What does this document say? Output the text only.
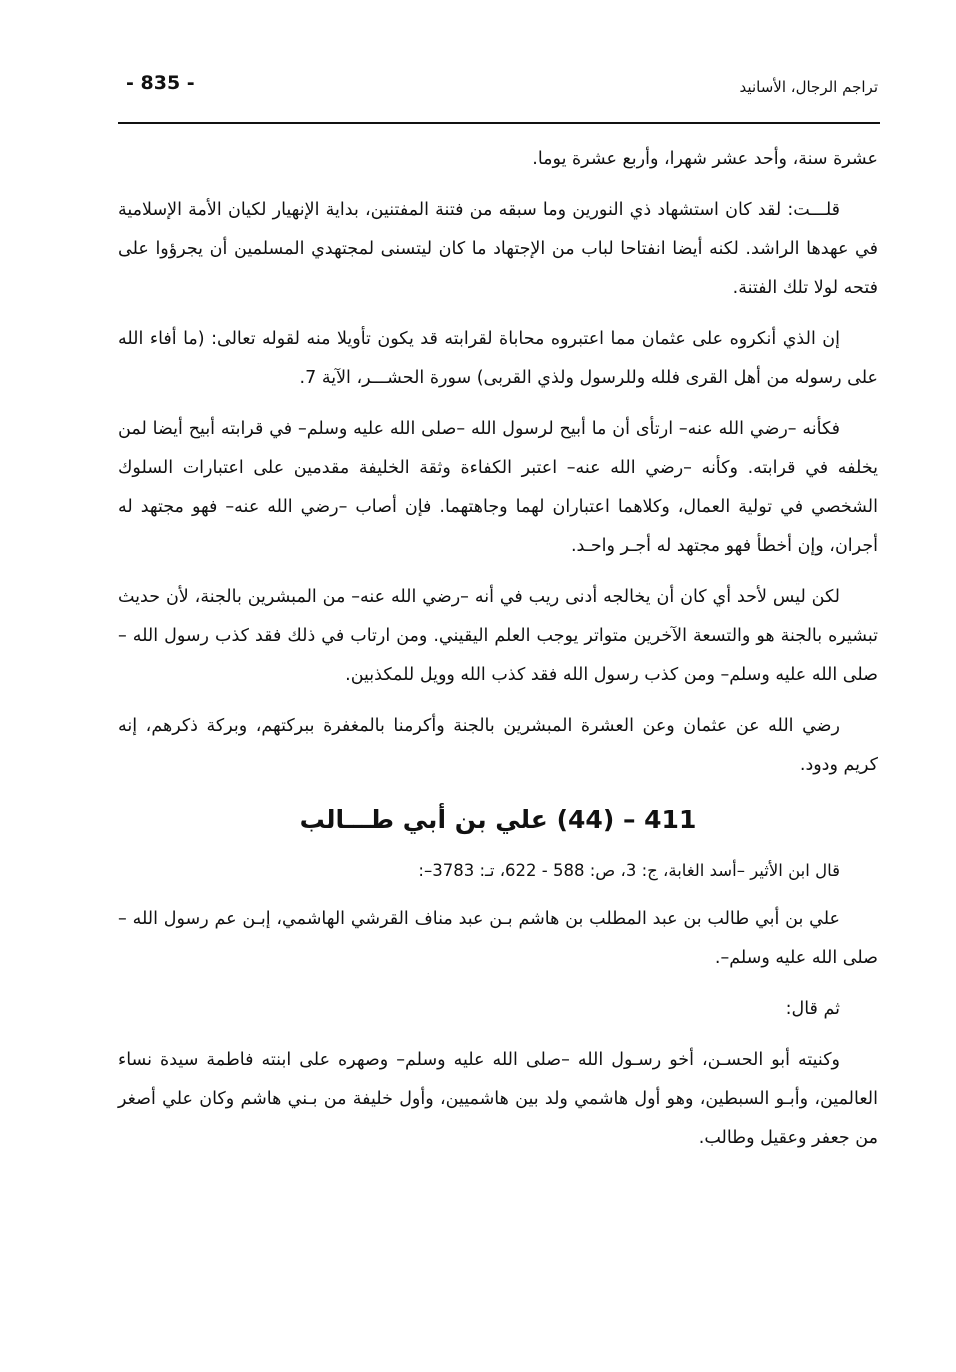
تراجم الرجال، الأسانيد
- 835 -

عشرة سنة، وأحد عشر شهرا، وأربع عشرة يوما.

قلـــت: لقد كان استشهاد ذي النورين وما سبقه من فتنة المفتنين، بداية الإنهيار لكيان الأمة الإسلامية في عهدها الراشد. لكنه أيضا انفتاحا لباب من الإجتهاد ما كان ليتسنى لمجتهدي المسلمين أن يجرؤوا على فتحه لولا تلك الفتنة.

إن الذي أنكروه على عثمان مما اعتبروه محاباة لقرابته قد يكون تأويلا منه لقوله تعالى: (ما أفاء الله على رسوله من أهل القرى فلله وللرسول ولذي القربى) سورة الحشـــر، الآية 7.

فكأنه –رضي الله عنه– ارتأى أن ما أبيح لرسول الله –صلى الله عليه وسلم– في قرابته أبيح أيضا لمن يخلفه في قرابته. وكأنه –رضي الله عنه– اعتبر الكفاءة وثقة الخليفة مقدمين على اعتبارات السلوك الشخصي في تولية العمال، وكلاهما اعتباران لهما وجاهتهما. فإن أصاب –رضي الله عنه– فهو مجتهد له أجران، وإن أخطأ فهو مجتهد له أجـر واحـد.

لكن ليس لأحد أي كان أن يخالجه أدنى ريب في أنه –رضي الله عنه– من المبشرين بالجنة، لأن حديث تبشيره بالجنة هو والتسعة الآخرين متواتر يوجب العلم اليقيني. ومن ارتاب في ذلك فقد كذب رسول الله –صلى الله عليه وسلم– ومن كذب رسول الله فقد كذب الله وويل للمكذبين.

رضي الله عن عثمان وعن العشرة المبشرين بالجنة وأكرمنا بالمغفرة ببركتهم، وبركة ذكرهم، إنه كريم ودود.

411 – (44) علي بن أبي طـــالب

قال ابن الأثير –أسد الغابة، ج: 3، ص: 588 - 622، تـ: 3783–:

علي بن أبي طالب بن عبد المطلب بن هاشم بـن عبد مناف القرشي الهاشمي، إبـن عم رسول الله –صلى الله عليه وسلم–.

ثم قال:

وكنيته أبو الحسـن، أخو رسـول الله –صلى الله عليه وسلم– وصهره على ابنته فاطمة سيدة نساء العالمين، وأبـو السبطين، وهو أول هاشمي ولد بين هاشميين، وأول خليفة من بـني هاشم وكان علي أصغر من جعفر وعقيل وطالب.
